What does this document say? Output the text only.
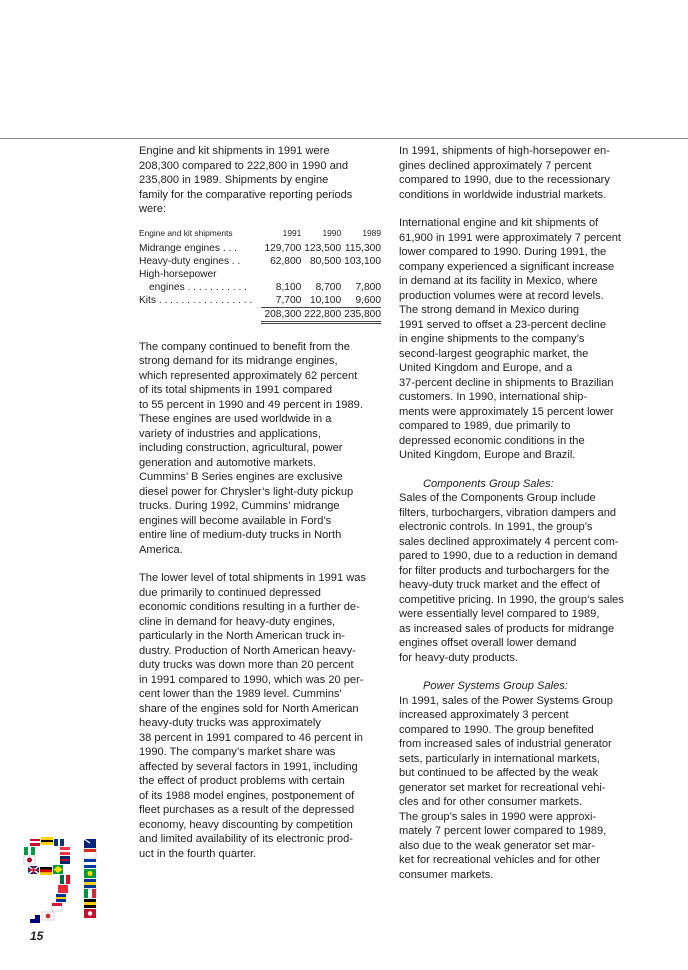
Engine and kit shipments in 1991 were
208,300 compared to 222,800 in 1990 and
235,800 in 1989. Shipments by engine
family for the comparative reporting periods
were:

Engine and kit shipments	1991	1990	1989
Midrange engines . . .	129,700	123,500	115,300
Heavy-duty engines . .	62,800	80,500	103,100
High-horsepower			
engines . . . . . . . . . . .	8,100	8,700	7,800
Kits . . . . . . . . . . . . . . . . .	7,700	10,100	9,600
	208,300	222,800	235,800

The company continued to benefit from the
strong demand for its midrange engines,
which represented approximately 62 percent
of its total shipments in 1991 compared
to 55 percent in 1990 and 49 percent in 1989.
These engines are used worldwide in a
variety of industries and applications,
including construction, agricultural, power
generation and automotive markets.
Cummins’ B Series engines are exclusive
diesel power for Chrysler’s light-duty pickup
trucks. During 1992, Cummins’ midrange
engines will become available in Ford’s
entire line of medium-duty trucks in North
America.

The lower level of total shipments in 1991 was
due primarily to continued depressed
economic conditions resulting in a further de-
cline in demand for heavy-duty engines,
particularly in the North American truck in-
dustry. Production of North American heavy-
duty trucks was down more than 20 percent
in 1991 compared to 1990, which was 20 per-
cent lower than the 1989 level. Cummins’
share of the engines sold for North American
heavy-duty trucks was approximately
38 percent in 1991 compared to 46 percent in
1990. The company’s market share was
affected by several factors in 1991, including
the effect of product problems with certain
of its 1988 model engines, postponement of
fleet purchases as a result of the depressed
economy, heavy discounting by competition
and limited availability of its electronic prod-
uct in the fourth quarter.

In 1991, shipments of high-horsepower en-
gines declined approximately 7 percent
compared to 1990, due to the recessionary
conditions in worldwide industrial markets.

International engine and kit shipments of
61,900 in 1991 were approximately 7 percent
lower compared to 1990. During 1991, the
company experienced a significant increase
in demand at its facility in Mexico, where
production volumes were at record levels.
The strong demand in Mexico during
1991 served to offset a 23-percent decline
in engine shipments to the company’s
second-largest geographic market, the
United Kingdom and Europe, and a
37-percent decline in shipments to Brazilian
customers. In 1990, international ship-
ments were approximately 15 percent lower
compared to 1989, due primarily to
depressed economic conditions in the
United Kingdom, Europe and Brazil.

Components Group Sales:

Sales of the Components Group include
filters, turbochargers, vibration dampers and
electronic controls. In 1991, the group’s
sales declined approximately 4 percent com-
pared to 1990, due to a reduction in demand
for filter products and turbochargers for the
heavy-duty truck market and the effect of
competitive pricing. In 1990, the group’s sales
were essentially level compared to 1989,
as increased sales of products for midrange
engines offset overall lower demand
for heavy-duty products.

Power Systems Group Sales:

In 1991, sales of the Power Systems Group
increased approximately 3 percent
compared to 1990. The group benefited
from increased sales of industrial generator
sets, particularly in international markets,
but continued to be affected by the weak
generator set market for recreational vehi-
cles and for other consumer markets.
The group’s sales in 1990 were approxi-
mately 7 percent lower compared to 1989,
also due to the weak generator set mar-
ket for recreational vehicles and for other
consumer markets.

15
